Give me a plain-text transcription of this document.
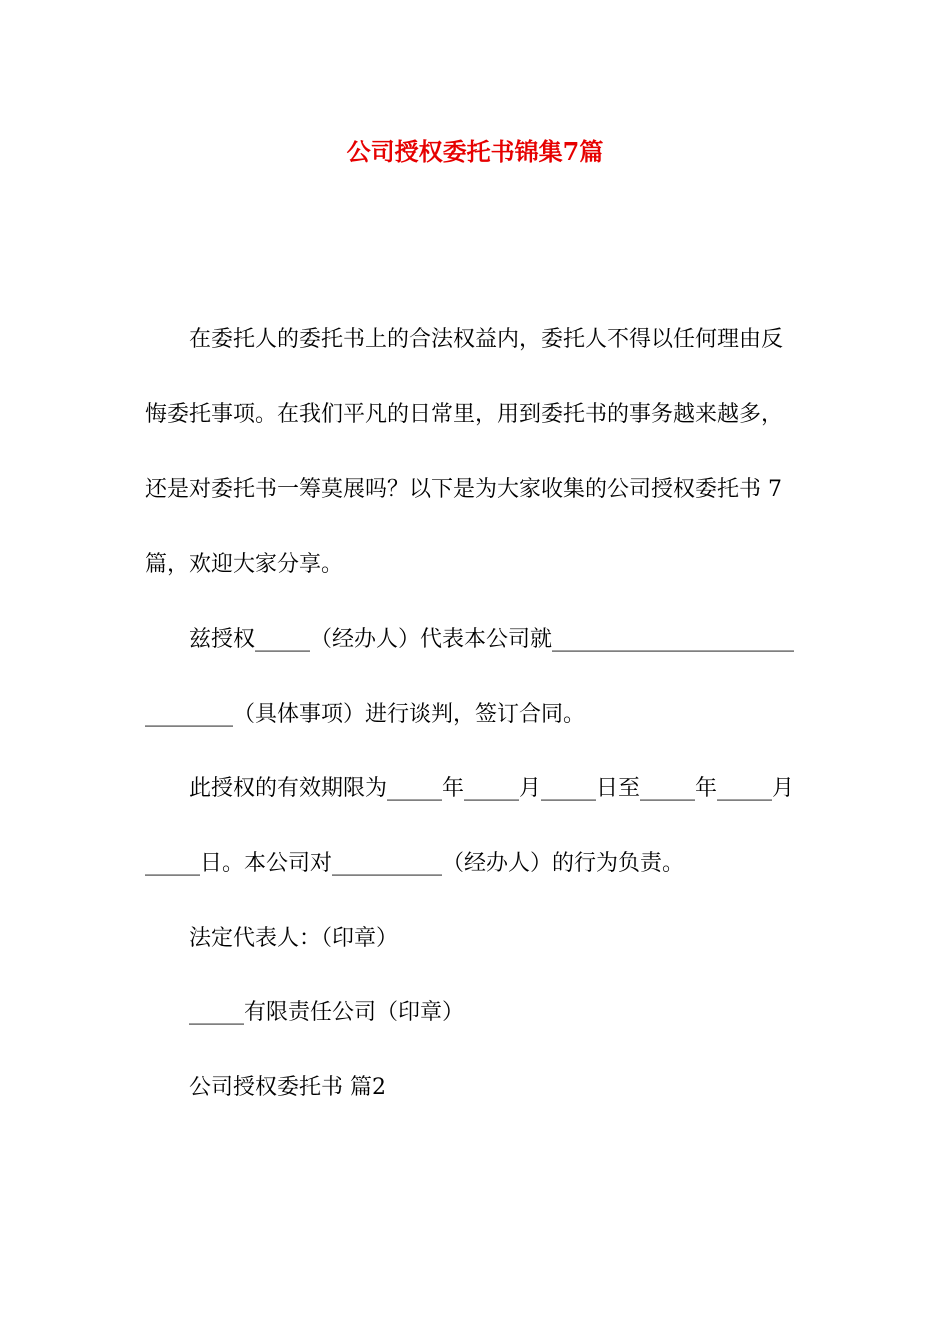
公司授权委托书锦集7篇
在委托人的委托书上的合法权益内，委托人不得以任何理由反
悔委托事项。在我们平凡的日常里，用到委托书的事务越来越多，
还是对委托书一筹莫展吗？以下是为大家收集的公司授权委托书 7
篇，欢迎大家分享。
兹授权_____（经办人）代表本公司就______________________
________（具体事项）进行谈判，签订合同。
此授权的有效期限为_____年_____月_____日至_____年_____月
_____日。本公司对__________（经办人）的行为负责。
法定代表人：（印章）
_____有限责任公司（印章）
公司授权委托书 篇2
